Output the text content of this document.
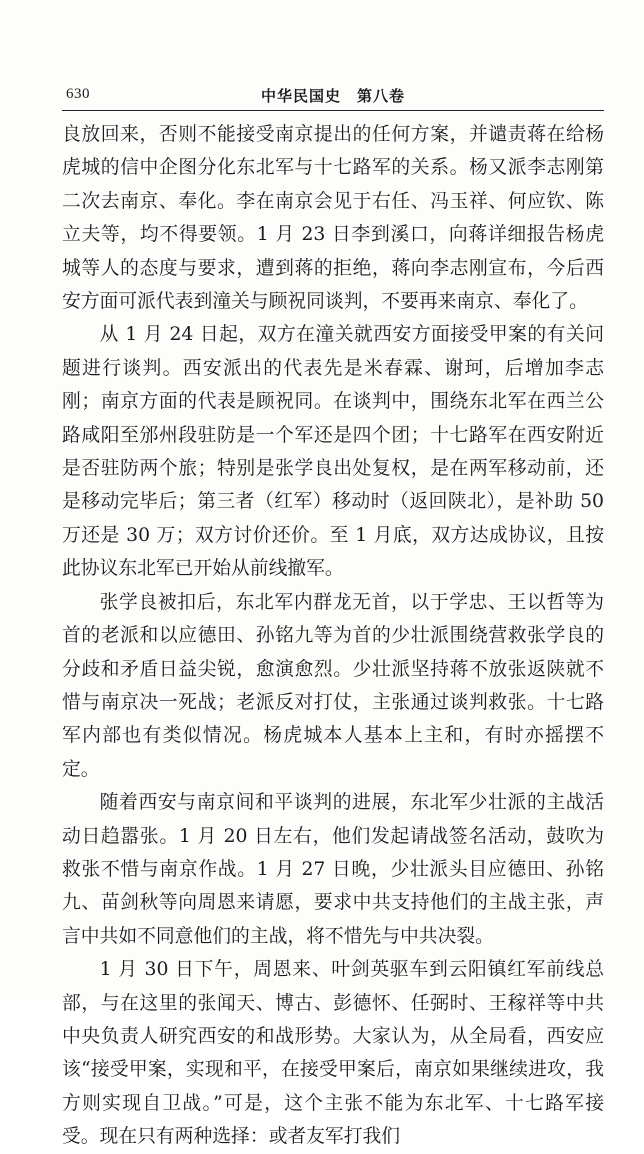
630	中华民国史　第八卷

良放回来，否则不能接受南京提出的任何方案，并谴责蒋在给杨虎城的信中企图分化东北军与十七路军的关系。杨又派李志刚第二次去南京、奉化。李在南京会见于右任、冯玉祥、何应钦、陈立夫等，均不得要领。1 月 23 日李到溪口，向蒋详细报告杨虎城等人的态度与要求，遭到蒋的拒绝，蒋向李志刚宣布，今后西安方面可派代表到潼关与顾祝同谈判，不要再来南京、奉化了。

从 1 月 24 日起，双方在潼关就西安方面接受甲案的有关问题进行谈判。西安派出的代表先是米春霖、谢珂，后增加李志刚；南京方面的代表是顾祝同。在谈判中，围绕东北军在西兰公路咸阳至邠州段驻防是一个军还是四个团；十七路军在西安附近是否驻防两个旅；特别是张学良出处复权，是在两军移动前，还是移动完毕后；第三者（红军）移动时（返回陕北），是补助 50 万还是 30 万；双方讨价还价。至 1 月底，双方达成协议，且按此协议东北军已开始从前线撤军。

张学良被扣后，东北军内群龙无首，以于学忠、王以哲等为首的老派和以应德田、孙铭九等为首的少壮派围绕营救张学良的分歧和矛盾日益尖锐，愈演愈烈。少壮派坚持蒋不放张返陕就不惜与南京决一死战；老派反对打仗，主张通过谈判救张。十七路军内部也有类似情况。杨虎城本人基本上主和，有时亦摇摆不定。

随着西安与南京间和平谈判的进展，东北军少壮派的主战活动日趋嚣张。1 月 20 日左右，他们发起请战签名活动，鼓吹为救张不惜与南京作战。1 月 27 日晚，少壮派头目应德田、孙铭九、苗剑秋等向周恩来请愿，要求中共支持他们的主战主张，声言中共如不同意他们的主战，将不惜先与中共决裂。

1 月 30 日下午，周恩来、叶剑英驱车到云阳镇红军前线总部，与在这里的张闻天、博古、彭德怀、任弼时、王稼祥等中共中央负责人研究西安的和战形势。大家认为，从全局看，西安应该“接受甲案，实现和平，在接受甲案后，南京如果继续进攻，我方则实现自卫战。”可是，这个主张不能为东北军、十七路军接受。现在只有两种选择：或者友军打我们
